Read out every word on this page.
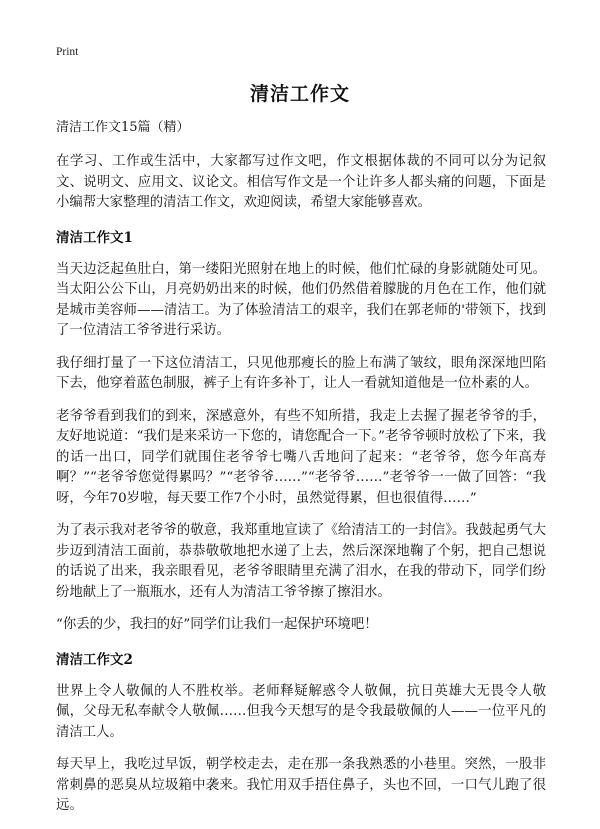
Print
清洁工作文

清洁工作文15篇（精）

在学习、工作或生活中，大家都写过作文吧，作文根据体裁的不同可以分为记叙文、说明文、应用文、议论文。相信写作文是一个让许多人都头痛的问题，下面是小编帮大家整理的清洁工作文，欢迎阅读，希望大家能够喜欢。

清洁工作文1

当天边泛起鱼肚白，第一缕阳光照射在地上的时候，他们忙碌的身影就随处可见。当太阳公公下山，月亮奶奶出来的时候，他们仍然借着朦胧的月色在工作，他们就是城市美容师——清洁工。为了体验清洁工的艰辛，我们在郭老师的'带领下，找到了一位清洁工爷爷进行采访。

我仔细打量了一下这位清洁工，只见他那瘦长的脸上布满了皱纹，眼角深深地凹陷下去，他穿着蓝色制服，裤子上有许多补丁，让人一看就知道他是一位朴素的人。

老爷爷看到我们的到来，深感意外，有些不知所措，我走上去握了握老爷爷的手，友好地说道：“我们是来采访一下您的，请您配合一下。”老爷爷顿时放松了下来，我的话一出口，同学们就围住老爷爷七嘴八舌地问了起来：“老爷爷，您今年高寿啊？”“老爷爷您觉得累吗？”“老爷爷……”“老爷爷……”老爷爷一一做了回答：“我呀，今年70岁啦，每天要工作7个小时，虽然觉得累，但也很值得……”

为了表示我对老爷爷的敬意，我郑重地宣读了《给清洁工的一封信》。我鼓起勇气大步迈到清洁工面前，恭恭敬敬地把水递了上去，然后深深地鞠了个躬，把自己想说的话说了出来，我亲眼看见，老爷爷眼睛里充满了泪水，在我的带动下，同学们纷纷地献上了一瓶瓶水，还有人为清洁工爷爷擦了擦泪水。

“你丢的少，我扫的好”同学们让我们一起保护环境吧！

清洁工作文2

世界上令人敬佩的人不胜枚举。老师释疑解惑令人敬佩，抗日英雄大无畏令人敬佩，父母无私奉献令人敬佩……但我今天想写的是令我最敬佩的人——一位平凡的清洁工人。

每天早上，我吃过早饭，朝学校走去，走在那一条我熟悉的小巷里。突然，一股非常刺鼻的恶臭从垃圾箱中袭来。我忙用双手捂住鼻子，头也不回，一口气儿跑了很远。
